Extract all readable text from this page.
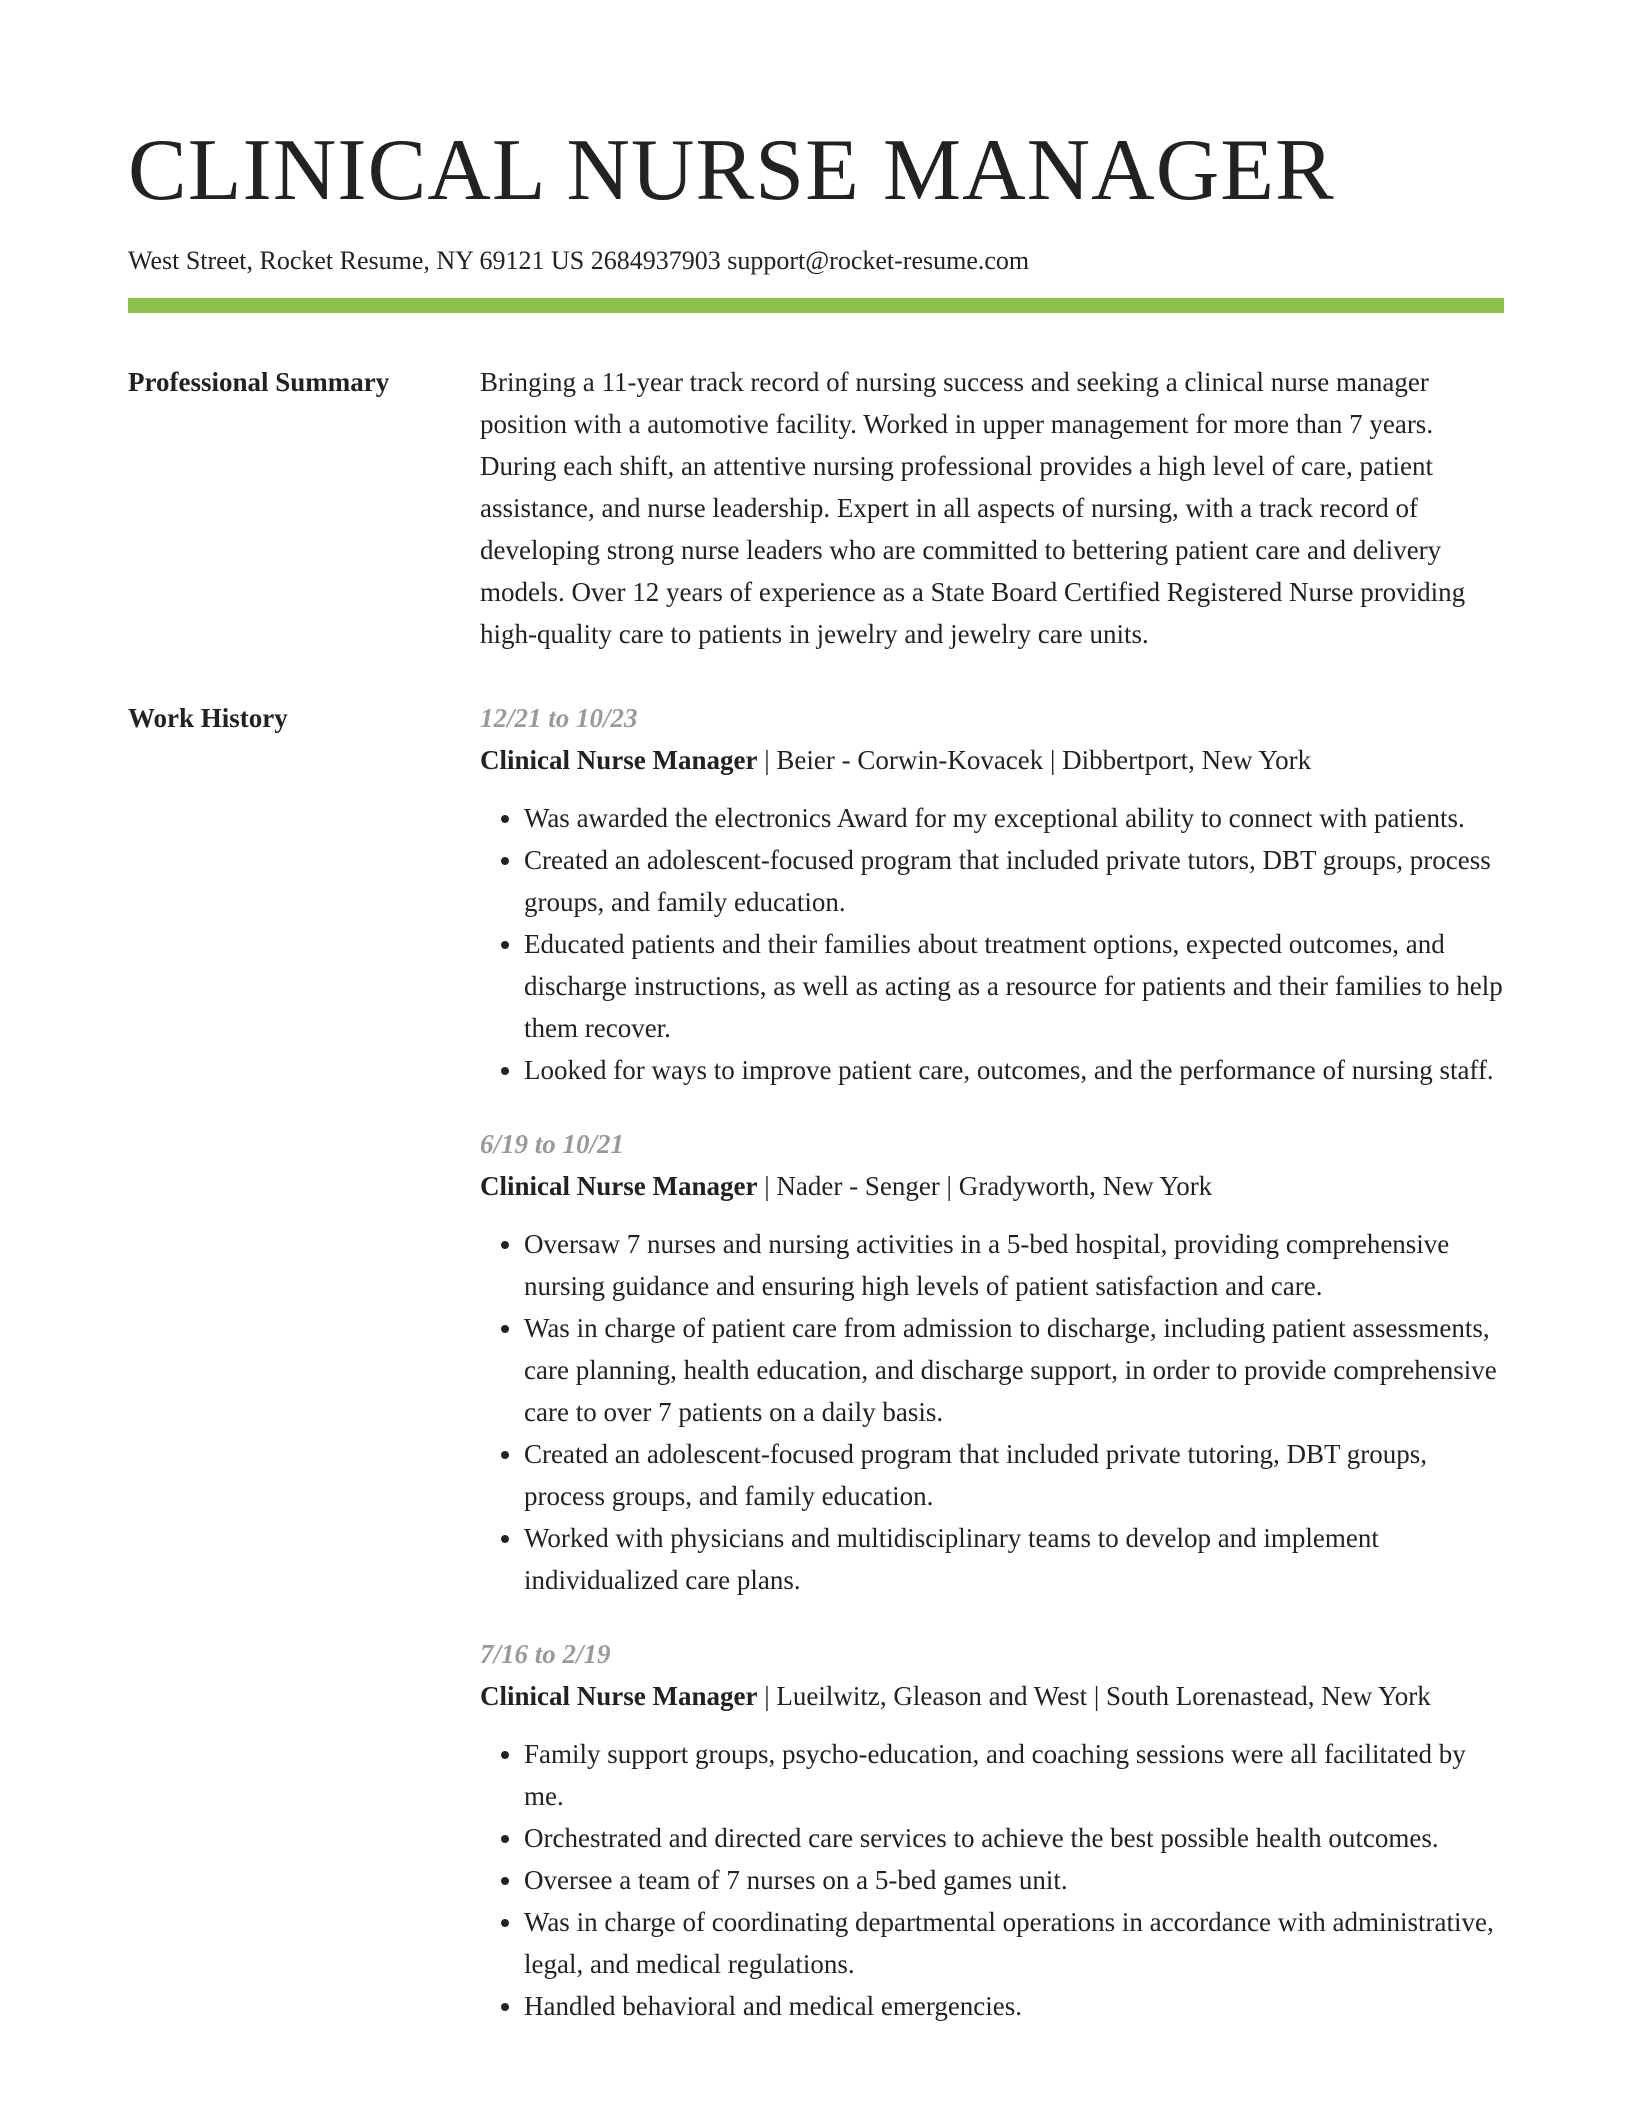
CLINICAL NURSE MANAGER
West Street, Rocket Resume, NY 69121 US 2684937903 support@rocket-resume.com
Professional Summary	Bringing a 11-year track record of nursing success and seeking a clinical nurse manager position with a automotive facility. Worked in upper management for more than 7 years. During each shift, an attentive nursing professional provides a high level of care, patient assistance, and nurse leadership. Expert in all aspects of nursing, with a track record of developing strong nurse leaders who are committed to bettering patient care and delivery models. Over 12 years of experience as a State Board Certified Registered Nurse providing high-quality care to patients in jewelry and jewelry care units.

Work History	12/21 to 10/23
Clinical Nurse Manager | Beier - Corwin-Kovacek | Dibbertport, New York
• Was awarded the electronics Award for my exceptional ability to connect with patients.
• Created an adolescent-focused program that included private tutors, DBT groups, process groups, and family education.
• Educated patients and their families about treatment options, expected outcomes, and discharge instructions, as well as acting as a resource for patients and their families to help them recover.
• Looked for ways to improve patient care, outcomes, and the performance of nursing staff.
6/19 to 10/21
Clinical Nurse Manager | Nader - Senger | Gradyworth, New York
• Oversaw 7 nurses and nursing activities in a 5-bed hospital, providing comprehensive nursing guidance and ensuring high levels of patient satisfaction and care.
• Was in charge of patient care from admission to discharge, including patient assessments, care planning, health education, and discharge support, in order to provide comprehensive care to over 7 patients on a daily basis.
• Created an adolescent-focused program that included private tutoring, DBT groups, process groups, and family education.
• Worked with physicians and multidisciplinary teams to develop and implement individualized care plans.
7/16 to 2/19
Clinical Nurse Manager | Lueilwitz, Gleason and West | South Lorenastead, New York
• Family support groups, psycho-education, and coaching sessions were all facilitated by me.
• Orchestrated and directed care services to achieve the best possible health outcomes.
• Oversee a team of 7 nurses on a 5-bed games unit.
• Was in charge of coordinating departmental operations in accordance with administrative, legal, and medical regulations.
• Handled behavioral and medical emergencies.
